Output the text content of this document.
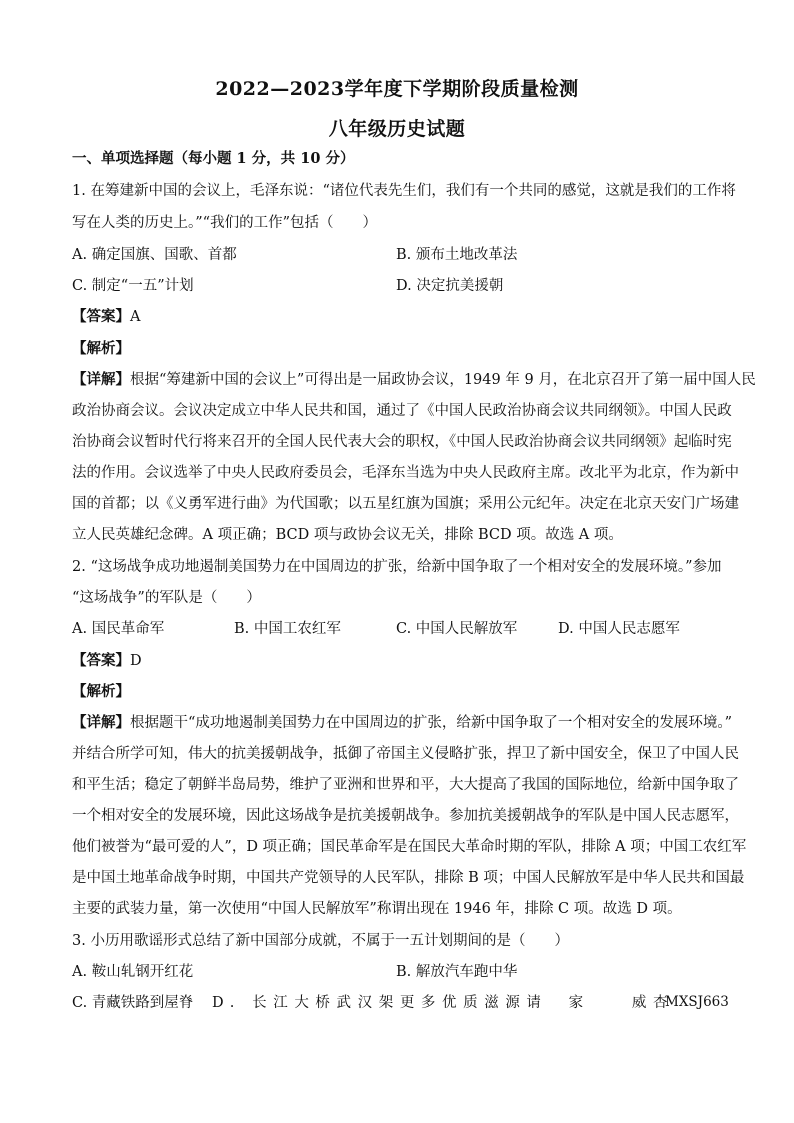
2022—2023学年度下学期阶段质量检测
八年级历史试题
一、单项选择题（每小题 1 分，共 10 分）
1. 在筹建新中国的会议上，毛泽东说：“诸位代表先生们，我们有一个共同的感觉，这就是我们的工作将
写在人类的历史上。”“我们的工作”包括（　　）
A. 确定国旗、国歌、首都	B. 颁布土地改革法
C. 制定“一五”计划	D. 决定抗美援朝
【答案】A
【解析】
【详解】根据“筹建新中国的会议上”可得出是一届政协会议，1949 年 9 月，在北京召开了第一届中国人民
政治协商会议。会议决定成立中华人民共和国，通过了《中国人民政治协商会议共同纲领》。中国人民政
治协商会议暂时代行将来召开的全国人民代表大会的职权，《中国人民政治协商会议共同纲领》起临时宪
法的作用。会议选举了中央人民政府委员会，毛泽东当选为中央人民政府主席。改北平为北京，作为新中
国的首都；以《义勇军进行曲》为代国歌；以五星红旗为国旗；采用公元纪年。决定在北京天安门广场建
立人民英雄纪念碑。A 项正确；BCD 项与政协会议无关，排除 BCD 项。故选 A 项。
2. “这场战争成功地遏制美国势力在中国周边的扩张，给新中国争取了一个相对安全的发展环境。”参加
“这场战争”的军队是（　　）
A. 国民革命军	B. 中国工农红军	C. 中国人民解放军	D. 中国人民志愿军
【答案】D
【解析】
【详解】根据题干“成功地遏制美国势力在中国周边的扩张，给新中国争取了一个相对安全的发展环境。”
并结合所学可知，伟大的抗美援朝战争，抵御了帝国主义侵略扩张，捍卫了新中国安全，保卫了中国人民
和平生活；稳定了朝鲜半岛局势，维护了亚洲和世界和平，大大提高了我国的国际地位，给新中国争取了
一个相对安全的发展环境，因此这场战争是抗美援朝战争。参加抗美援朝战争的军队是中国人民志愿军，
他们被誉为“最可爱的人”，D 项正确；国民革命军是在国民大革命时期的军队，排除 A 项；中国工农红军
是中国土地革命战争时期，中国共产党领导的人民军队，排除 B 项；中国人民解放军是中华人民共和国最
主要的武装力量，第一次使用“中国人民解放军”称谓出现在 1946 年，排除 C 项。故选 D 项。
3. 小历用歌谣形式总结了新中国部分成就，不属于一五计划期间的是（　　）
A. 鞍山轧钢开红花	B. 解放汽车跑中华
C. 青藏铁路到屋脊 D. 长江大桥武汉架更多优质滋源请　家　　威杏
MXSJ663
